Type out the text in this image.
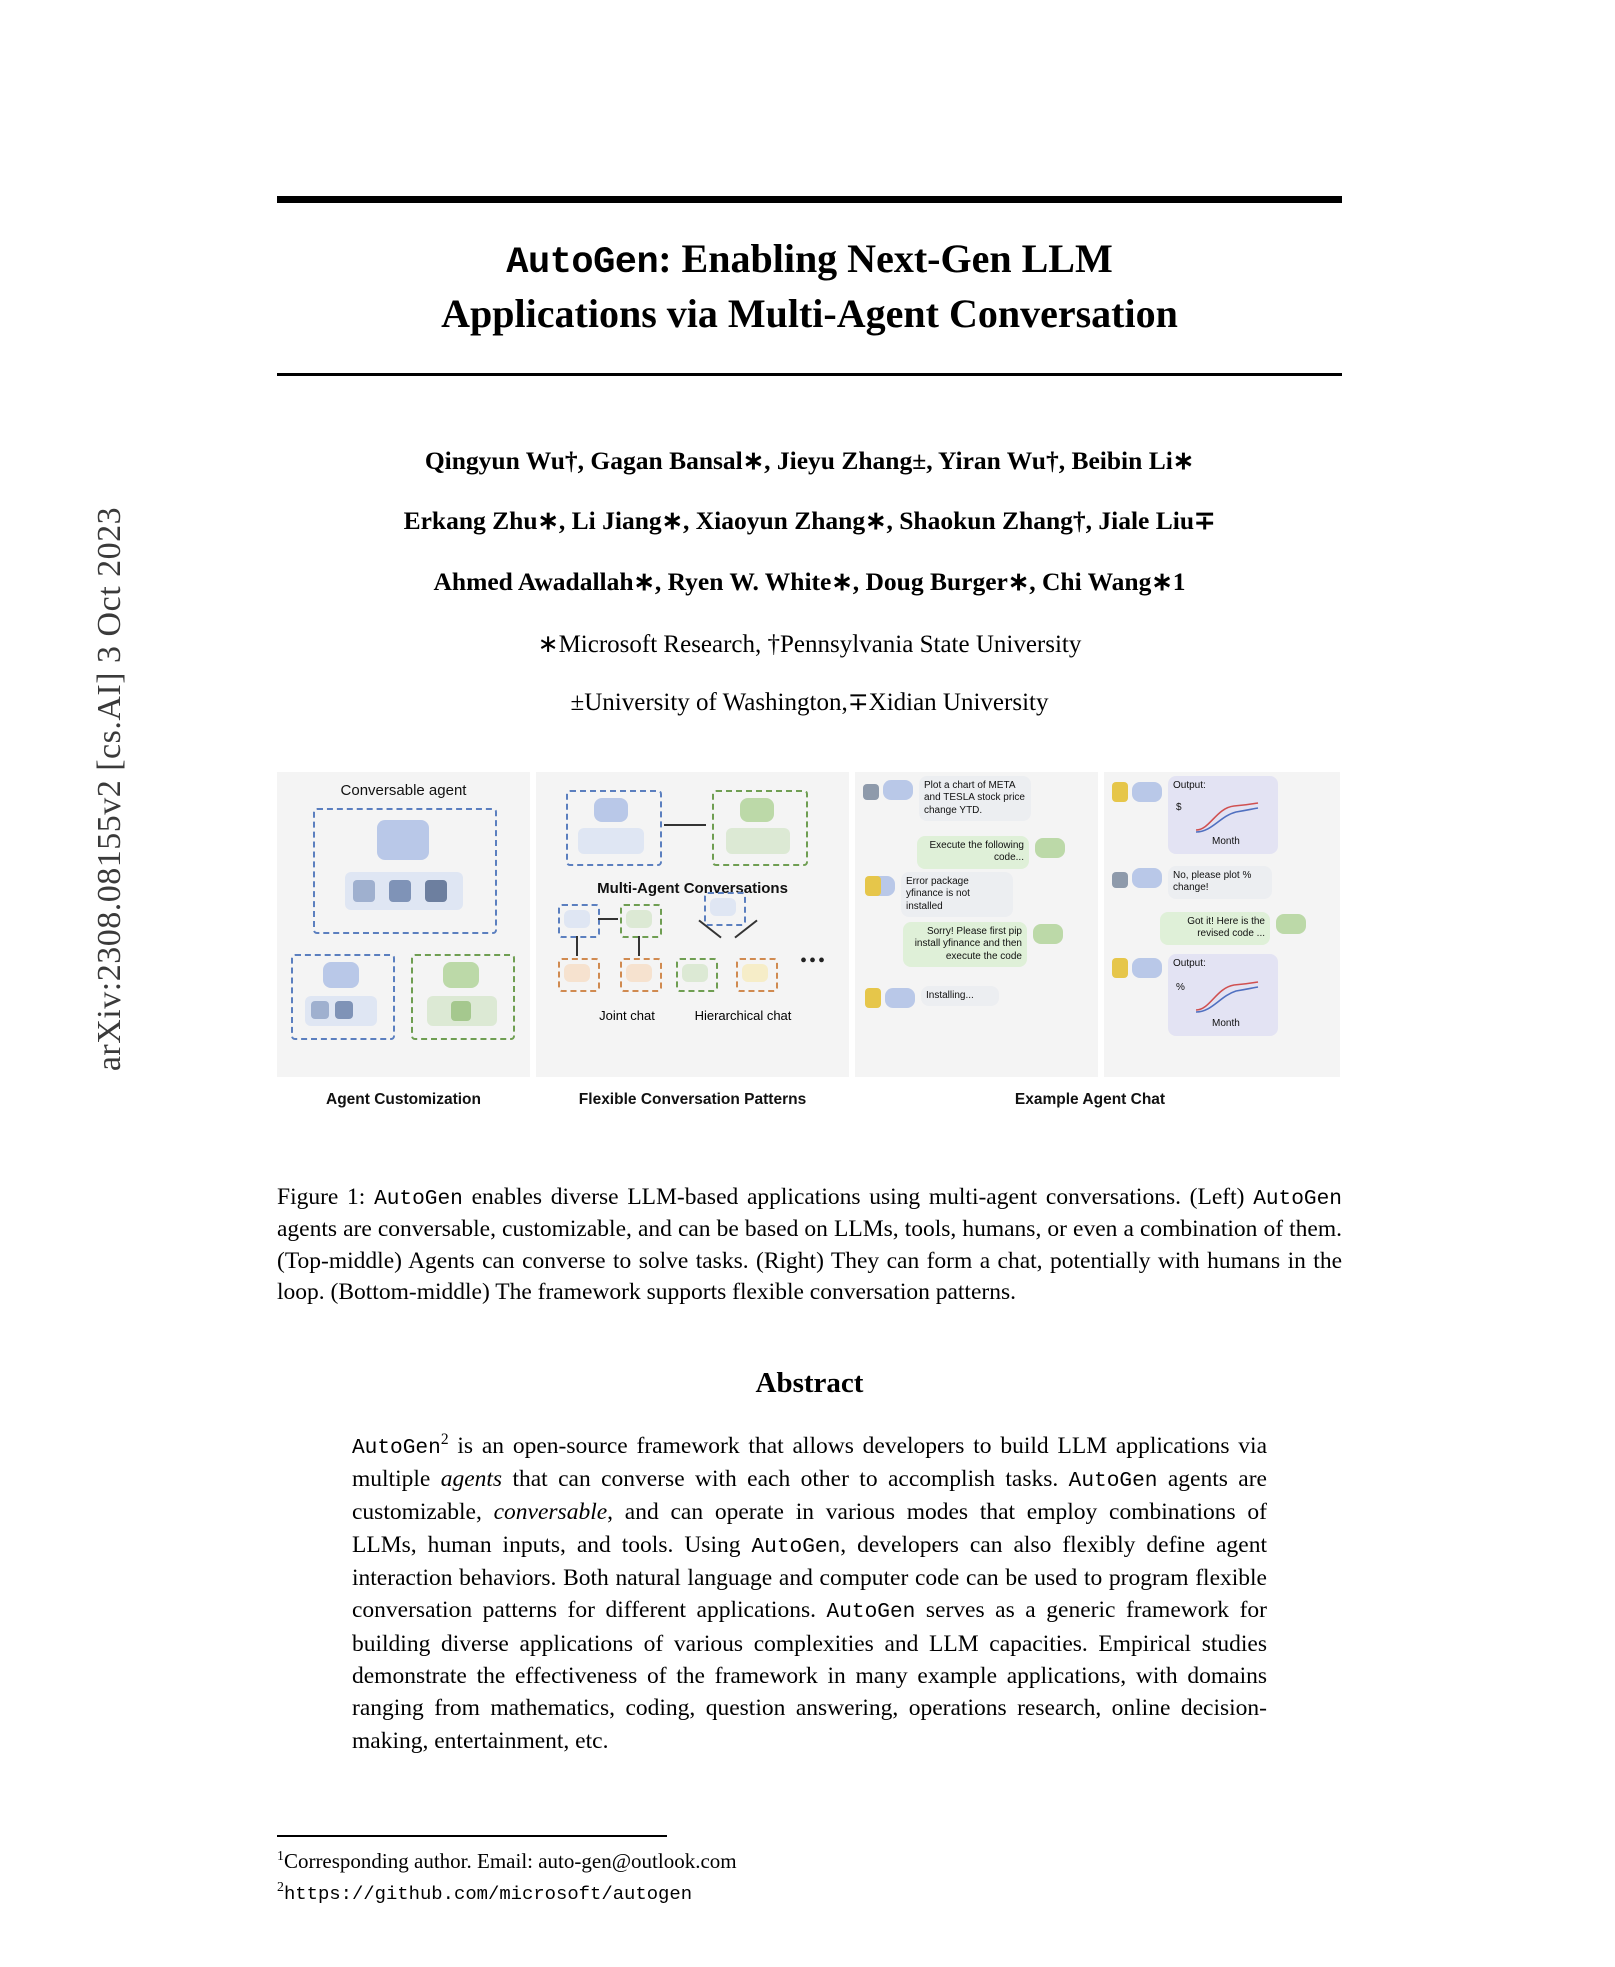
arXiv:2308.08155v2 [cs.AI] 3 Oct 2023
AutoGen: Enabling Next-Gen LLM
Applications via Multi-Agent Conversation
Qingyun Wu†, Gagan Bansal∗, Jieyu Zhang±, Yiran Wu†, Beibin Li∗
Erkang Zhu∗, Li Jiang∗, Xiaoyun Zhang∗, Shaokun Zhang†, Jiale Liu∓
Ahmed Awadallah∗, Ryen W. White∗, Doug Burger∗, Chi Wang∗1
∗Microsoft Research, †Pennsylvania State University
±University of Washington,∓Xidian University
Conversable agent
Agent Customization
Multi-Agent Conversations
Joint chat	Hierarchical chat
•••
Flexible Conversation Patterns
Plot a chart of META and TESLA stock price change YTD.
Execute the following code...
Error package yfinance is not installed
Sorry! Please first pip install yfinance and then execute the code
Installing...
Example Agent Chat
Output:
$
Month
No, please plot % change!
Got it! Here is the revised code ...
Output:
%
Month
Figure 1: AutoGen enables diverse LLM-based applications using multi-agent conversations. (Left) AutoGen agents are conversable, customizable, and can be based on LLMs, tools, humans, or even a combination of them. (Top-middle) Agents can converse to solve tasks. (Right) They can form a chat, potentially with humans in the loop. (Bottom-middle) The framework supports flexible conversation patterns.
Abstract
AutoGen$^2$ is an open-source framework that allows developers to build LLM applications via multiple agents that can converse with each other to accomplish tasks. AutoGen agents are customizable, conversable, and can operate in various modes that employ combinations of LLMs, human inputs, and tools. Using AutoGen, developers can also flexibly define agent interaction behaviors. Both natural language and computer code can be used to program flexible conversation patterns for different applications. AutoGen serves as a generic framework for building diverse applications of various complexities and LLM capacities. Empirical studies demonstrate the effectiveness of the framework in many example applications, with domains ranging from mathematics, coding, question answering, operations research, online decision-making, entertainment, etc.
$^1$Corresponding author. Email: auto-gen@outlook.com
$^2$https://github.com/microsoft/autogen
